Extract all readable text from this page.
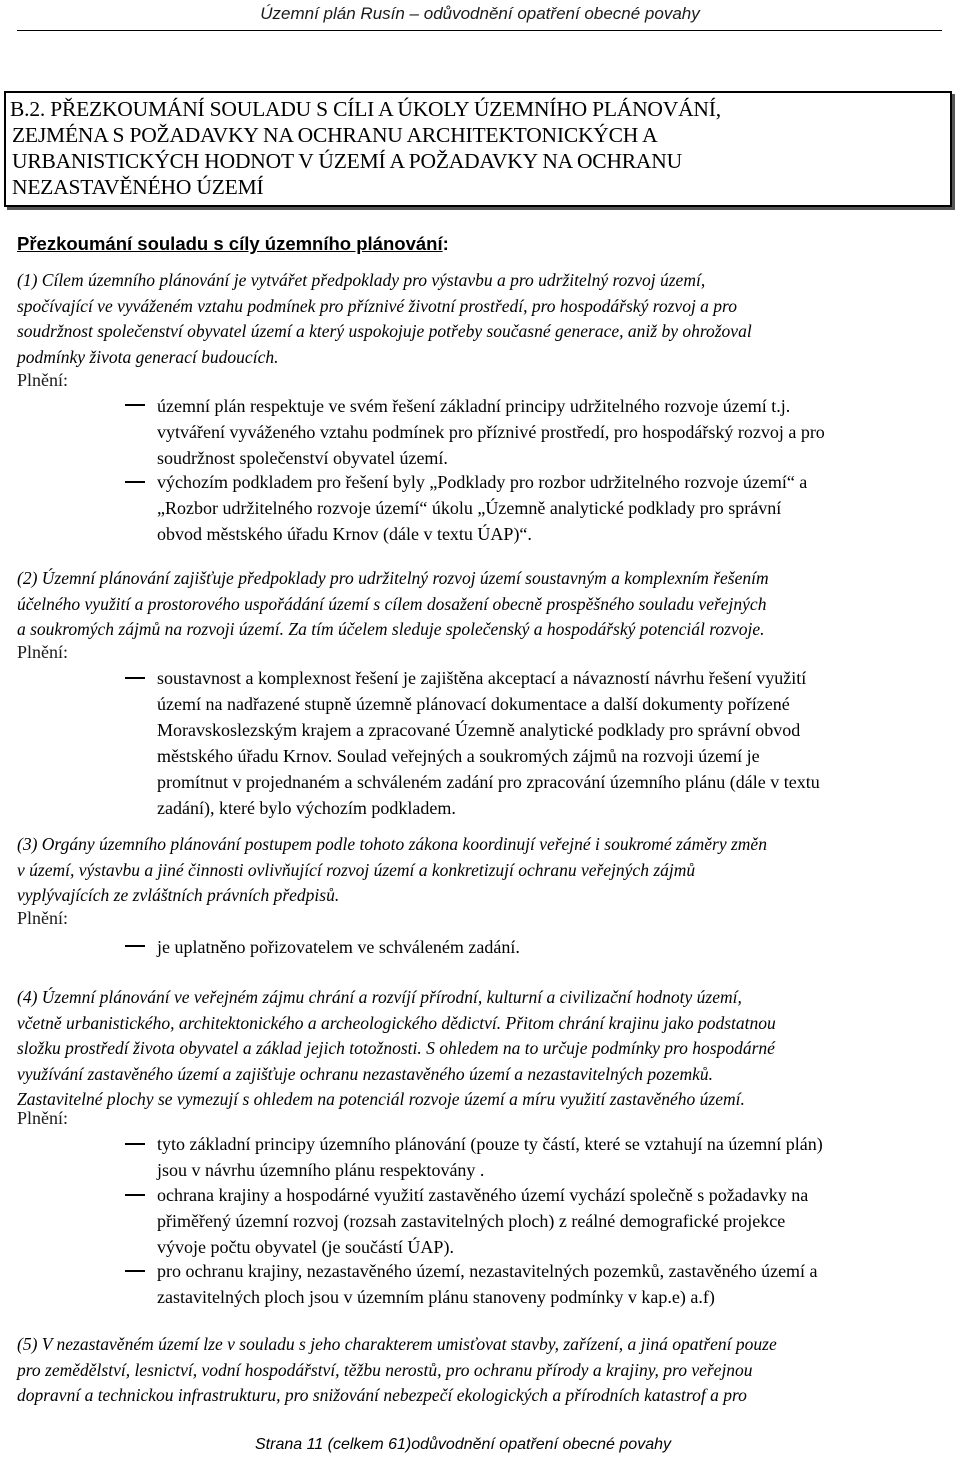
Územní plán Rusín – odůvodnění opatření obecné povahy
B.2. PŘEZKOUMÁNÍ SOULADU S CÍLI A ÚKOLY ÚZEMNÍHO PLÁNOVÁNÍ,
ZEJMÉNA S POŽADAVKY NA OCHRANU ARCHITEKTONICKÝCH A
URBANISTICKÝCH HODNOT V ÚZEMÍ A POŽADAVKY NA OCHRANU
NEZASTAVĚNÉHO ÚZEMÍ
Přezkoumání souladu s cíly územního plánování:
(1) Cílem územního plánování je vytvářet předpoklady pro výstavbu a pro udržitelný rozvoj území,
spočívající ve vyváženém vztahu podmínek pro příznivé životní prostředí, pro hospodářský rozvoj a pro
soudržnost společenství obyvatel území a který uspokojuje potřeby současné generace, aniž by ohrožoval
podmínky života generací budoucích.
Plnění:
územní plán respektuje ve svém řešení základní principy udržitelného rozvoje území t.j.
vytváření vyváženého vztahu podmínek pro příznivé prostředí, pro hospodářský rozvoj a pro
soudržnost společenství obyvatel území.
výchozím podkladem pro řešení byly „Podklady pro rozbor udržitelného rozvoje území“ a
„Rozbor udržitelného rozvoje území“ úkolu „Územně analytické podklady pro správní
obvod městského úřadu Krnov (dále v textu ÚAP)“.
(2) Územní plánování zajišťuje předpoklady pro udržitelný rozvoj území soustavným a komplexním řešením
účelného využití a prostorového uspořádání území s cílem dosažení obecně prospěšného souladu veřejných
a soukromých zájmů na rozvoji území. Za tím účelem sleduje společenský a hospodářský potenciál rozvoje.
Plnění:
soustavnost a komplexnost řešení je zajištěna akceptací a návazností návrhu řešení využití
území na nadřazené stupně územně plánovací dokumentace a další dokumenty pořízené
Moravskoslezským krajem a zpracované Územně analytické podklady pro správní obvod
městského úřadu Krnov. Soulad veřejných a soukromých zájmů na rozvoji území je
promítnut v projednaném a schváleném zadání pro zpracování územního plánu (dále v textu
zadání), které bylo výchozím podkladem.
(3) Orgány územního plánování postupem podle tohoto zákona koordinují veřejné i soukromé záměry změn
v území, výstavbu a jiné činnosti ovlivňující rozvoj území a konkretizují ochranu veřejných zájmů
vyplývajících ze zvláštních právních předpisů.
Plnění:
je uplatněno pořizovatelem ve schváleném zadání.
(4) Územní plánování ve veřejném zájmu chrání a rozvíjí přírodní, kulturní a civilizační hodnoty území,
včetně urbanistického, architektonického a archeologického dědictví. Přitom chrání krajinu jako podstatnou
složku prostředí života obyvatel a základ jejich totožnosti. S ohledem na to určuje podmínky pro hospodárné
využívání zastavěného území a zajišťuje ochranu nezastavěného území a nezastavitelných pozemků.
Zastavitelné plochy se vymezují s ohledem na potenciál rozvoje území a míru využití zastavěného území.
Plnění:
tyto základní principy územního plánování (pouze ty částí, které se vztahují na územní plán)
jsou v návrhu územního plánu respektovány .
ochrana krajiny a hospodárné využití zastavěného území vychází společně s požadavky na
přiměřený územní rozvoj (rozsah zastavitelných ploch) z reálné demografické projekce
vývoje počtu obyvatel (je součástí ÚAP).
pro ochranu krajiny, nezastavěného území, nezastavitelných pozemků, zastavěného území a
zastavitelných ploch jsou v územním plánu stanoveny podmínky v kap.e) a.f)
(5) V nezastavěném území lze v souladu s jeho charakterem umisťovat stavby, zařízení, a jiná opatření pouze
pro zemědělství, lesnictví, vodní hospodářství, těžbu nerostů, pro ochranu přírody a krajiny, pro veřejnou
dopravní a technickou infrastrukturu, pro snižování nebezpečí ekologických a přírodních katastrof a pro
Strana 11 (celkem 61)odůvodnění opatření obecné povahy
